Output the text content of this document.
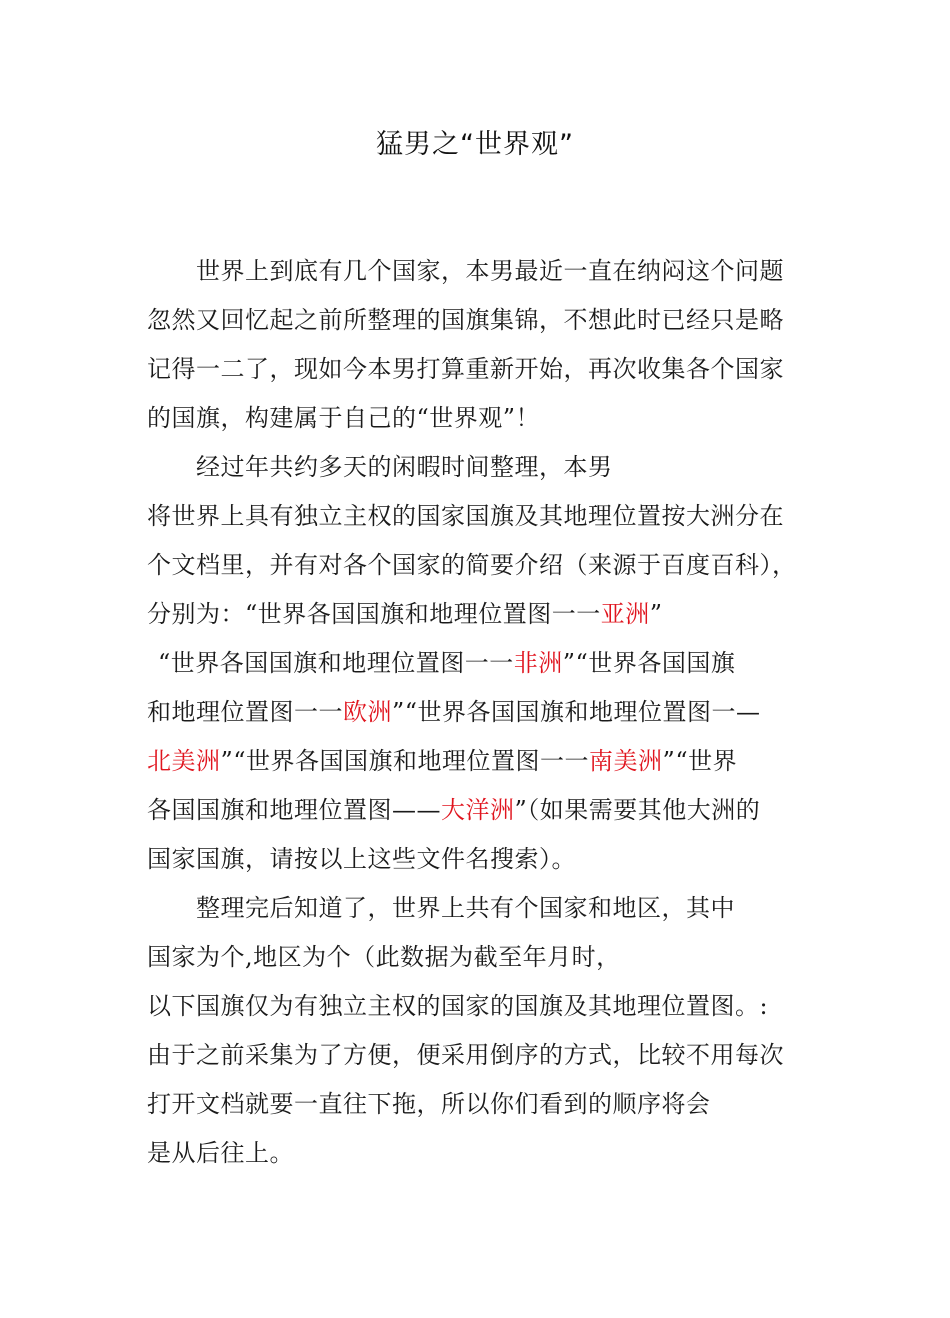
猛男之“世界观”
世界上到底有几个国家，本男最近一直在纳闷这个问题
忽然又回忆起之前所整理的国旗集锦，不想此时已经只是略
记得一二了，现如今本男打算重新开始，再次收集各个国家
的国旗，构建属于自己的“世界观”！
经过年共约多天的闲暇时间整理，本男
将世界上具有独立主权的国家国旗及其地理位置按大洲分在
个文档里，并有对各个国家的简要介绍（来源于百度百科），
分别为：“世界各国国旗和地理位置图一一亚洲”
“世界各国国旗和地理位置图一一非洲”“世界各国国旗
和地理位置图一一欧洲”“世界各国国旗和地理位置图一—
北美洲”“世界各国国旗和地理位置图一一南美洲”“世界
各国国旗和地理位置图——大洋洲”（如果需要其他大洲的
国家国旗，请按以上这些文件名搜索）。
整理完后知道了，世界上共有个国家和地区，其中
国家为个,地区为个（此数据为截至年月时，
以下国旗仅为有独立主权的国家的国旗及其地理位置图。:
由于之前采集为了方便，便采用倒序的方式，比较不用每次
打开文档就要一直往下拖，所以你们看到的顺序将会
是从后往上。
